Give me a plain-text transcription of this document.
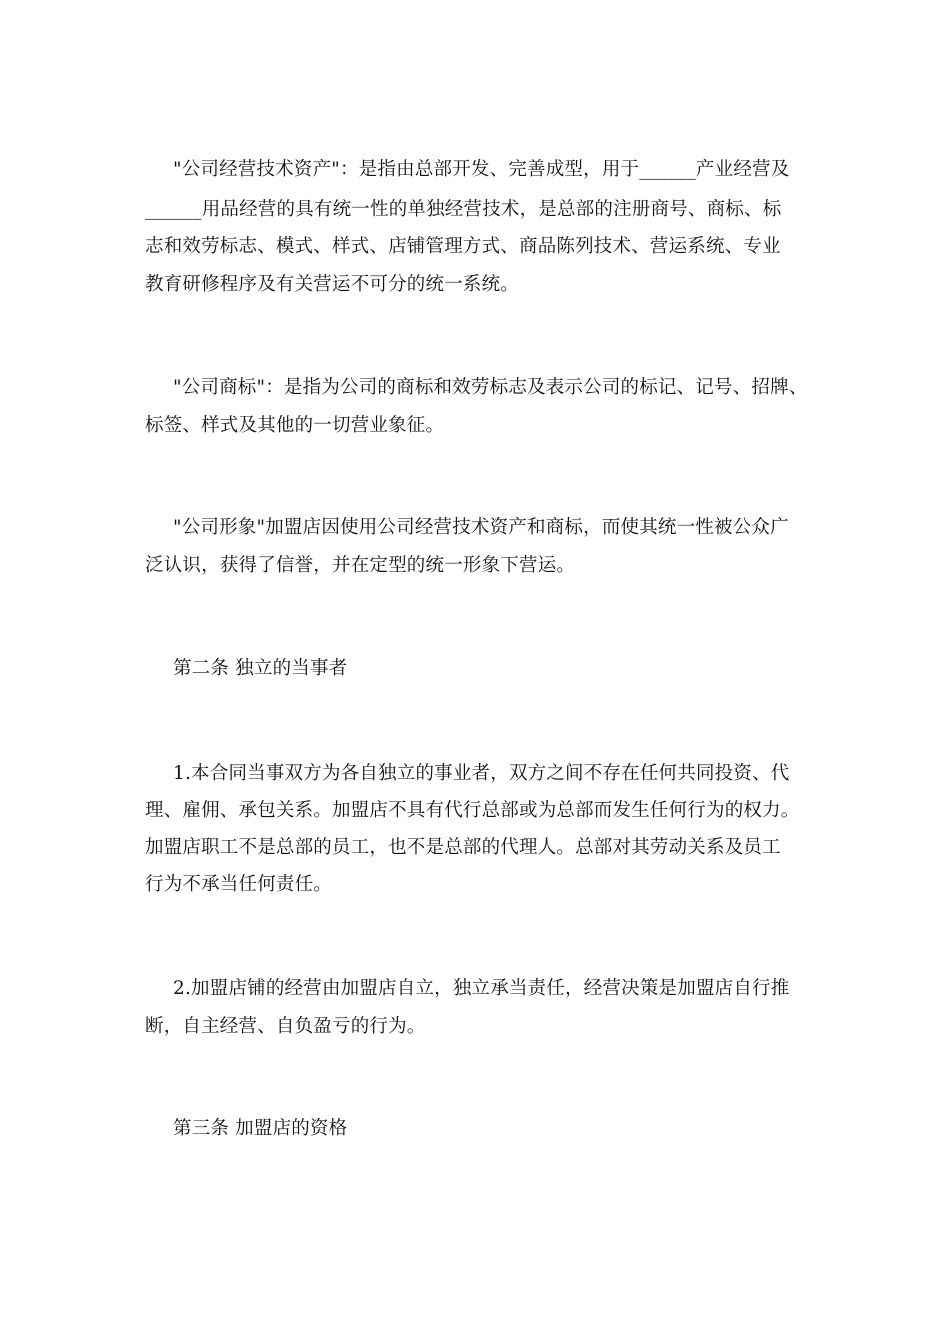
"公司经营技术资产"：是指由总部开发、完善成型，用于______产业经营及
______用品经营的具有统一性的单独经营技术，是总部的注册商号、商标、标
志和效劳标志、模式、样式、店铺管理方式、商品陈列技术、营运系统、专业
教育研修程序及有关营运不可分的统一系统。
"公司商标"：是指为公司的商标和效劳标志及表示公司的标记、记号、招牌、
标签、样式及其他的一切营业象征。
"公司形象"加盟店因使用公司经营技术资产和商标，而使其统一性被公众广
泛认识，获得了信誉，并在定型的统一形象下营运。
第二条 独立的当事者
1.本合同当事双方为各自独立的事业者，双方之间不存在任何共同投资、代
理、雇佣、承包关系。加盟店不具有代行总部或为总部而发生任何行为的权力。
加盟店职工不是总部的员工，也不是总部的代理人。总部对其劳动关系及员工
行为不承当任何责任。
2.加盟店铺的经营由加盟店自立，独立承当责任，经营决策是加盟店自行推
断，自主经营、自负盈亏的行为。
第三条 加盟店的资格
